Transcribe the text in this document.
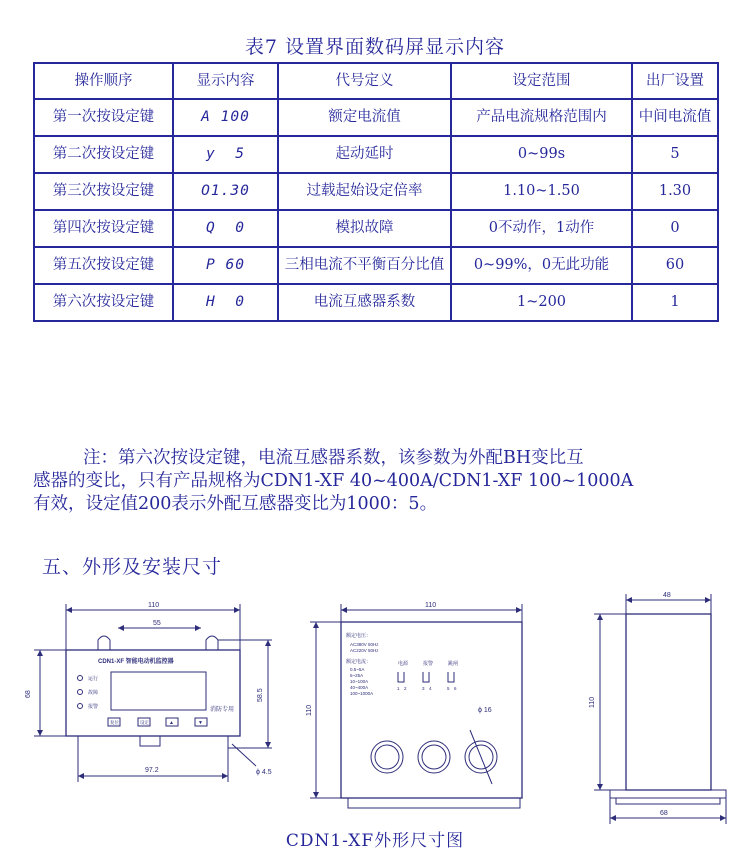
表7 设置界面数码屏显示内容
操作顺序	显示内容	代号定义	设定范围	出厂设置
第一次按设定键	A 100	额定电流值	产品电流规格范围内	中间电流值
第二次按设定键	y  5	起动延时	0~99s	5
第三次按设定键	O1.30	过载起始设定倍率	1.10~1.50	1.30
第四次按设定键	Q  0	模拟故障	0不动作，1动作	0
第五次按设定键	P 60	三相电流不平衡百分比值	0~99%，0无此功能	60
第六次按设定键	H  0	电流互感器系数	1~200	1

注：第六次按设定键，电流互感器系数，该参数为外配BH变比互

感器的变比，只有产品规格为CDN1-XF 40~400A/CDN1-XF 100~1000A

有效，设定值200表示外配互感器变比为1000：5。

五、外形及安装尺寸
110
55
CDN1-XF 智能电动机监控器
运行
故障
报警
复位	设定	▲	▼
消防专用
68	58.5
97.2	ϕ 4.5
110
额定电压：
AC380V 50Hz
AC220V 50Hz
额定电流：
0.5~5A
5~25A
10~100A
40~400A
100~1000A
电源	报警	跳闸
1 2	3 4	5 6
ϕ 16
110
48
110
68
CDN1-XF外形尺寸图
